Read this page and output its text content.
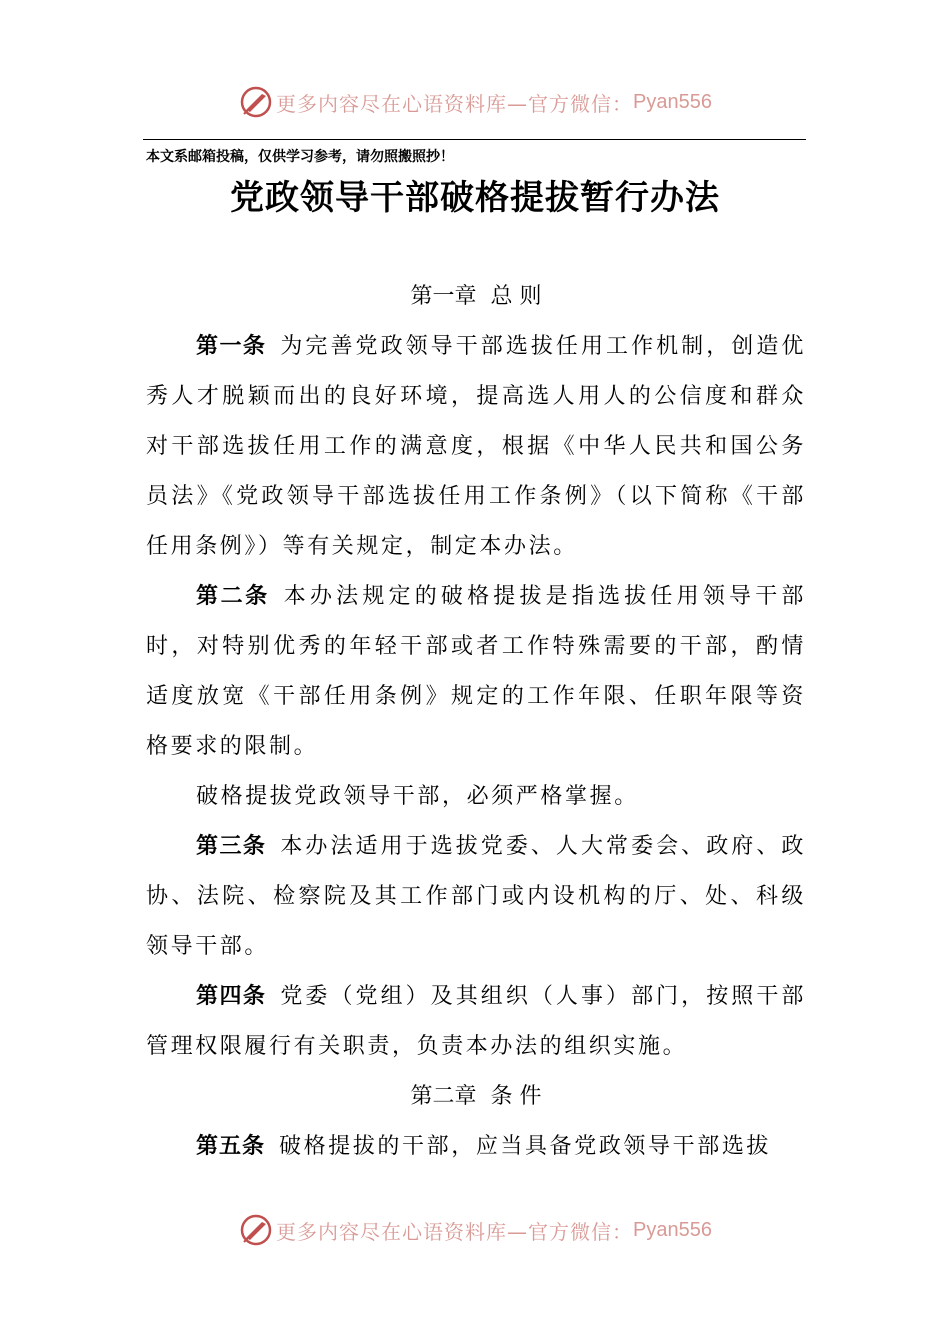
更多内容尽在心语资料库—官方微信： Pyan556
本文系邮箱投稿，仅供学习参考，请勿照搬照抄！
党政领导干部破格提拔暂行办法
第一章 总 则

第一条 为完善党政领导干部选拔任用工作机制，创造优秀人才脱颖而出的良好环境，提高选人用人的公信度和群众对干部选拔任用工作的满意度，根据《中华人民共和国公务员法》《党政领导干部选拔任用工作条例》（以下简称《干部任用条例》）等有关规定，制定本办法。

第二条 本办法规定的破格提拔是指选拔任用领导干部时，对特别优秀的年轻干部或者工作特殊需要的干部，酌情适度放宽《干部任用条例》规定的工作年限、任职年限等资格要求的限制。

破格提拔党政领导干部，必须严格掌握。

第三条 本办法适用于选拔党委、人大常委会、政府、政协、法院、检察院及其工作部门或内设机构的厅、处、科级领导干部。

第四条 党委（党组）及其组织（人事）部门，按照干部管理权限履行有关职责，负责本办法的组织实施。

第二章 条 件

第五条 破格提拔的干部，应当具备党政领导干部选拔

更多内容尽在心语资料库—官方微信： Pyan556
